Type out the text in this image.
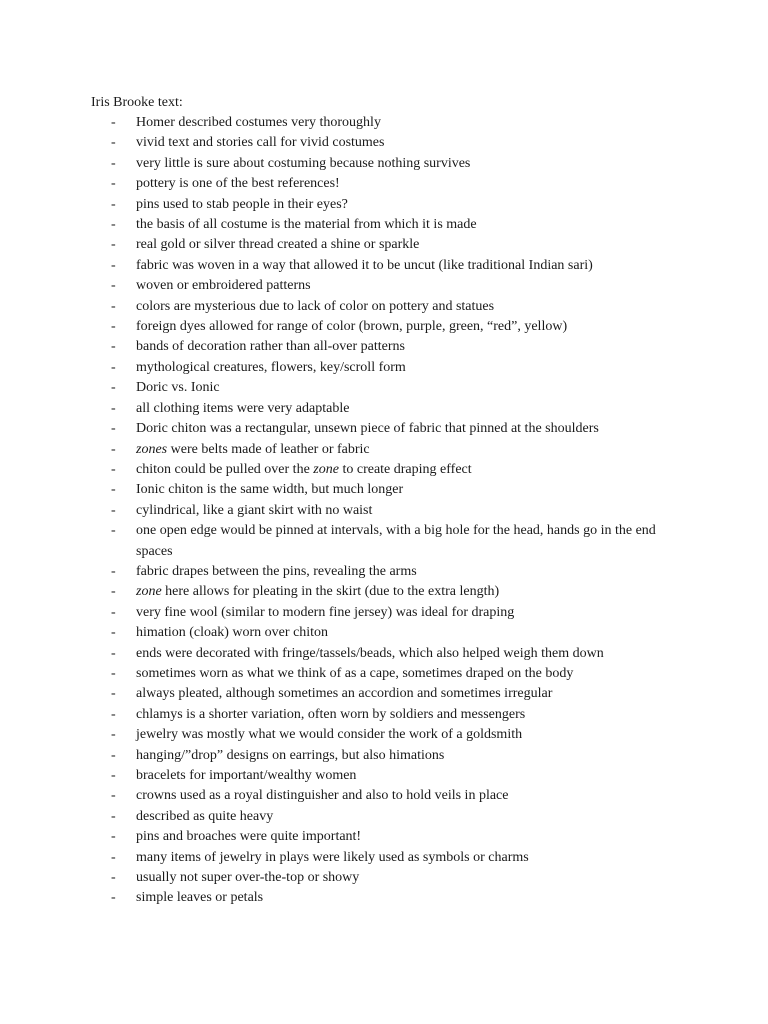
Iris Brooke text:
- Homer described costumes very thoroughly
- vivid text and stories call for vivid costumes
- very little is sure about costuming because nothing survives
- pottery is one of the best references!
- pins used to stab people in their eyes?
- the basis of all costume is the material from which it is made
- real gold or silver thread created a shine or sparkle
- fabric was woven in a way that allowed it to be uncut (like traditional Indian sari)
- woven or embroidered patterns
- colors are mysterious due to lack of color on pottery and statues
- foreign dyes allowed for range of color (brown, purple, green, “red”, yellow)
- bands of decoration rather than all-over patterns
- mythological creatures, flowers, key/scroll form
- Doric vs. Ionic
- all clothing items were very adaptable
- Doric chiton was a rectangular, unsewn piece of fabric that pinned at the shoulders
- zones were belts made of leather or fabric
- chiton could be pulled over the zone to create draping effect
- Ionic chiton is the same width, but much longer
- cylindrical, like a giant skirt with no waist
- one open edge would be pinned at intervals, with a big hole for the head, hands go in the end spaces
- fabric drapes between the pins, revealing the arms
- zone here allows for pleating in the skirt (due to the extra length)
- very fine wool (similar to modern fine jersey) was ideal for draping
- himation (cloak) worn over chiton
- ends were decorated with fringe/tassels/beads, which also helped weigh them down
- sometimes worn as what we think of as a cape, sometimes draped on the body
- always pleated, although sometimes an accordion and sometimes irregular
- chlamys is a shorter variation, often worn by soldiers and messengers
- jewelry was mostly what we would consider the work of a goldsmith
- hanging/”drop” designs on earrings, but also himations
- bracelets for important/wealthy women
- crowns used as a royal distinguisher and also to hold veils in place
- described as quite heavy
- pins and broaches were quite important!
- many items of jewelry in plays were likely used as symbols or charms
- usually not super over-the-top or showy
- simple leaves or petals
